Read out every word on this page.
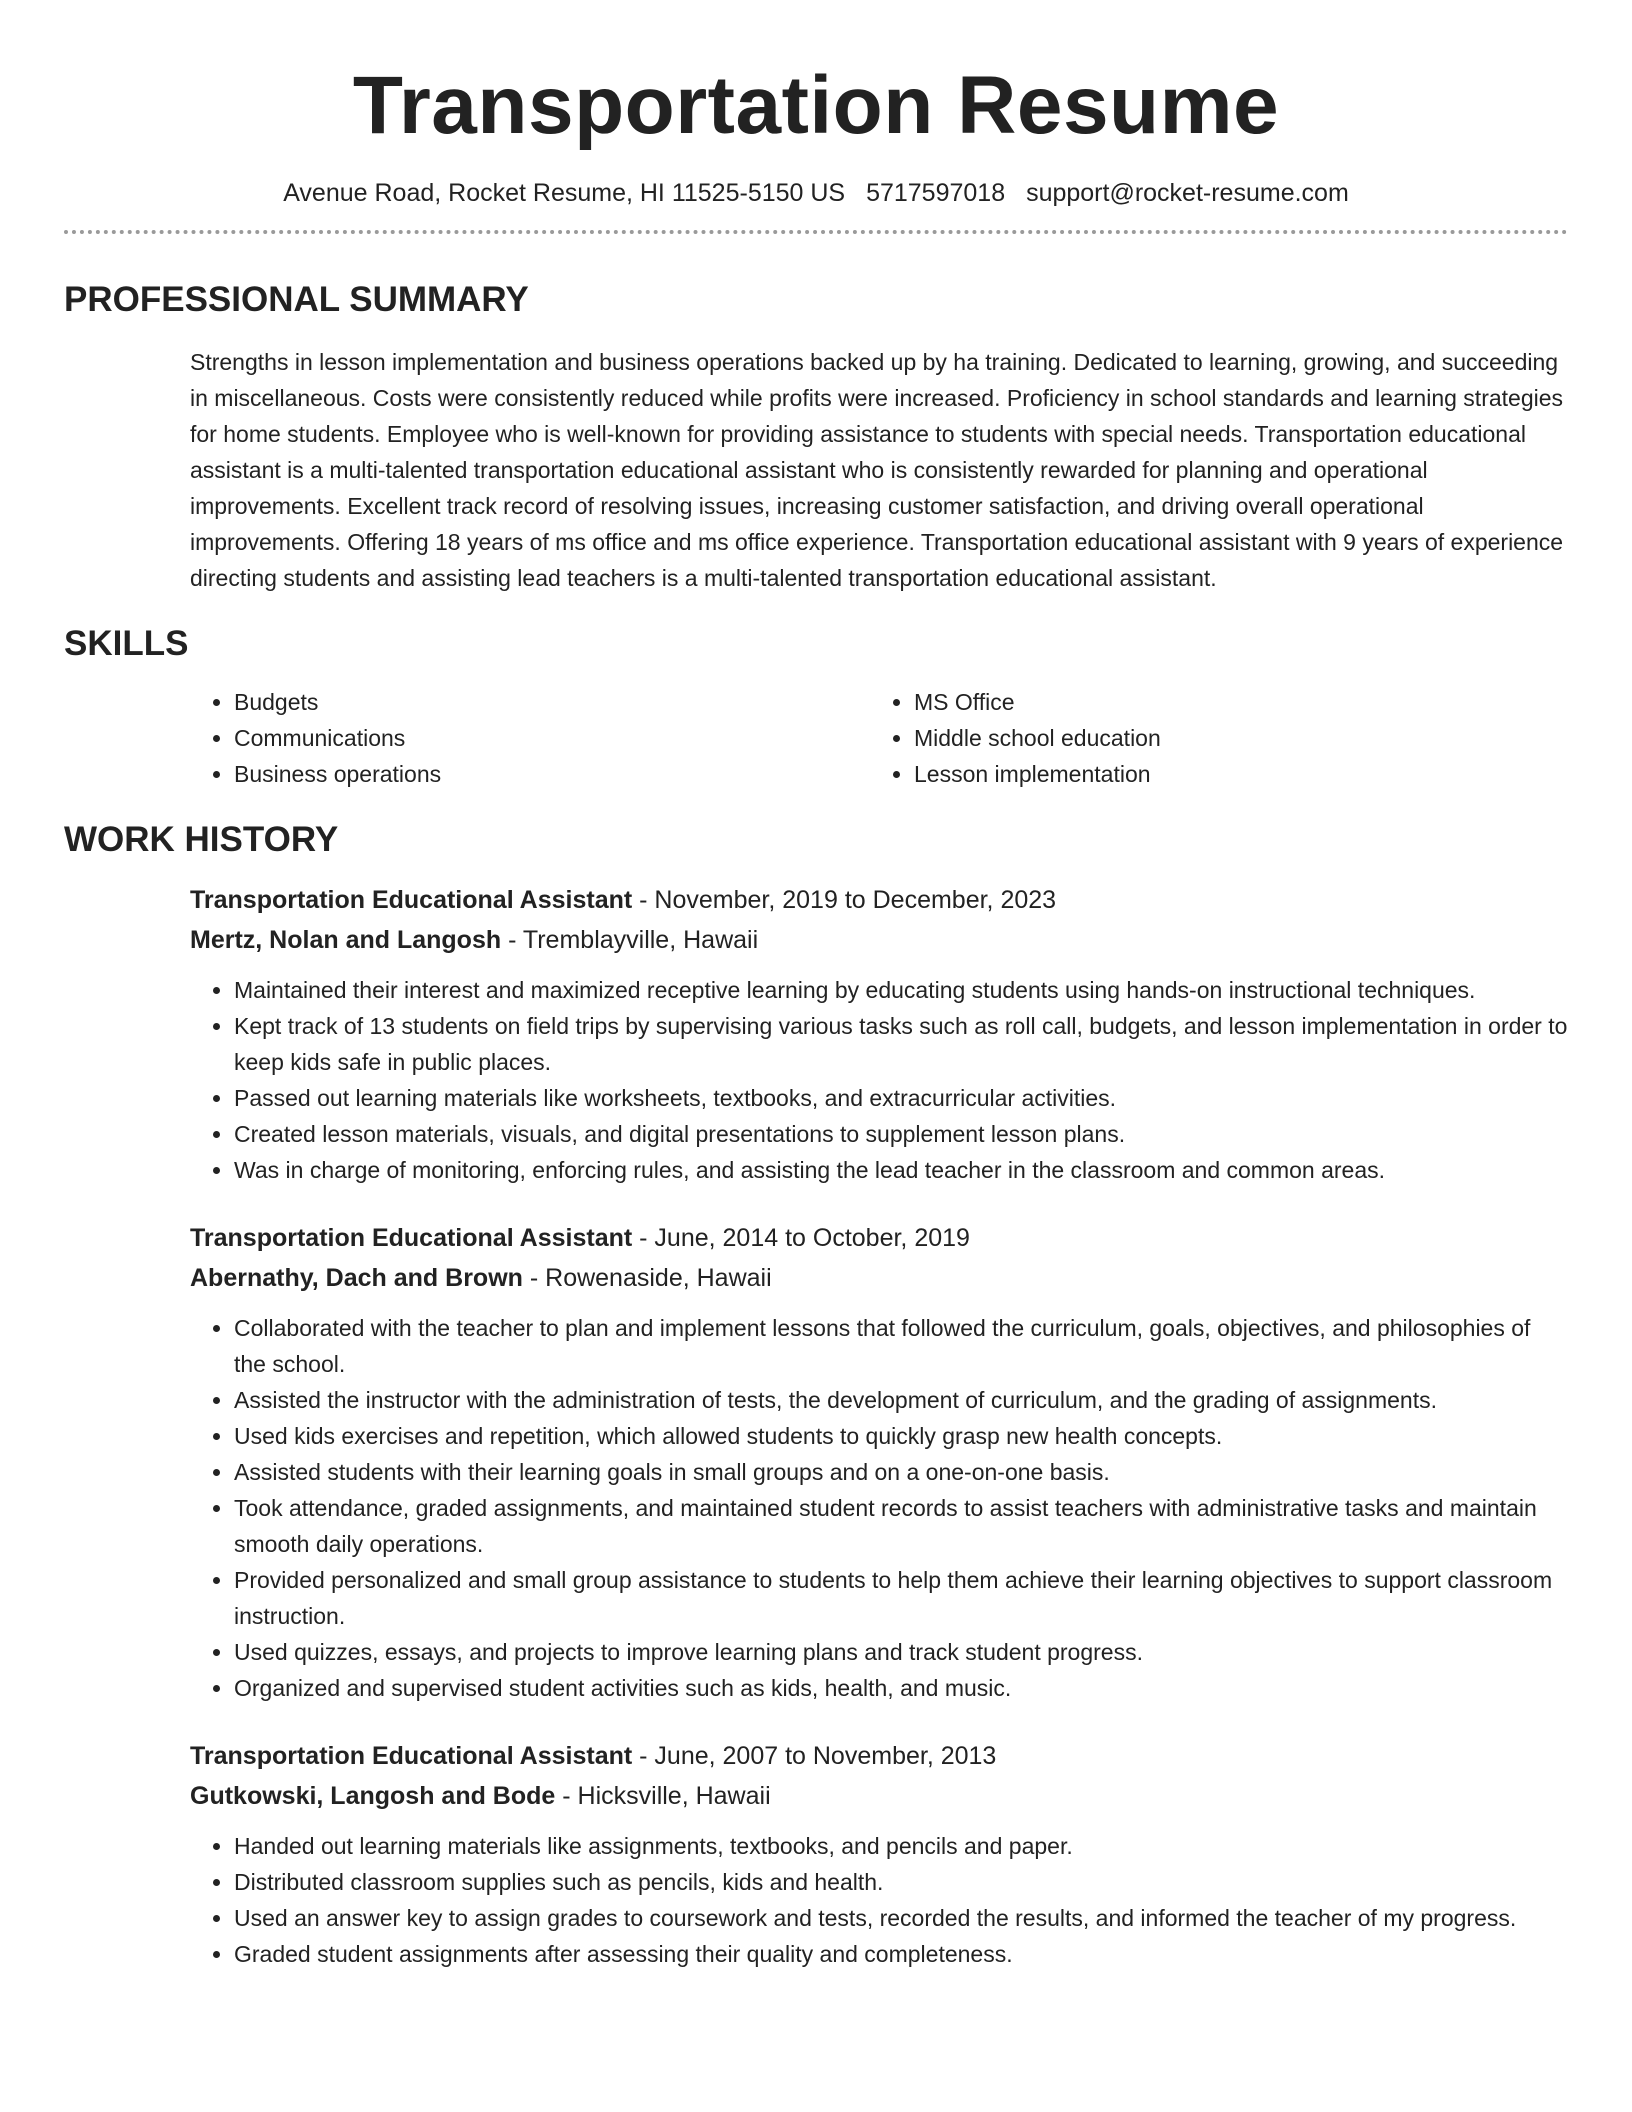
Transportation Resume
Avenue Road, Rocket Resume, HI 11525-5150 US 5717597018 support@rocket-resume.com
PROFESSIONAL SUMMARY

Strengths in lesson implementation and business operations backed up by ha training. Dedicated to learning, growing, and succeeding in miscellaneous. Costs were consistently reduced while profits were increased. Proficiency in school standards and learning strategies for home students. Employee who is well-known for providing assistance to students with special needs. Transportation educational assistant is a multi-talented transportation educational assistant who is consistently rewarded for planning and operational improvements. Excellent track record of resolving issues, increasing customer satisfaction, and driving overall operational improvements. Offering 18 years of ms office and ms office experience. Transportation educational assistant with 9 years of experience directing students and assisting lead teachers is a multi-talented transportation educational assistant.

SKILLS
• Budgets
• Communications
• Business operations
• MS Office
• Middle school education
• Lesson implementation
WORK HISTORY
Transportation Educational Assistant - November, 2019 to December, 2023
Mertz, Nolan and Langosh - Tremblayville, Hawaii
• Maintained their interest and maximized receptive learning by educating students using hands-on instructional techniques.
• Kept track of 13 students on field trips by supervising various tasks such as roll call, budgets, and lesson implementation in order to keep kids safe in public places.
• Passed out learning materials like worksheets, textbooks, and extracurricular activities.
• Created lesson materials, visuals, and digital presentations to supplement lesson plans.
• Was in charge of monitoring, enforcing rules, and assisting the lead teacher in the classroom and common areas.
Transportation Educational Assistant - June, 2014 to October, 2019
Abernathy, Dach and Brown - Rowenaside, Hawaii
• Collaborated with the teacher to plan and implement lessons that followed the curriculum, goals, objectives, and philosophies of the school.
• Assisted the instructor with the administration of tests, the development of curriculum, and the grading of assignments.
• Used kids exercises and repetition, which allowed students to quickly grasp new health concepts.
• Assisted students with their learning goals in small groups and on a one-on-one basis.
• Took attendance, graded assignments, and maintained student records to assist teachers with administrative tasks and maintain smooth daily operations.
• Provided personalized and small group assistance to students to help them achieve their learning objectives to support classroom instruction.
• Used quizzes, essays, and projects to improve learning plans and track student progress.
• Organized and supervised student activities such as kids, health, and music.
Transportation Educational Assistant - June, 2007 to November, 2013
Gutkowski, Langosh and Bode - Hicksville, Hawaii
• Handed out learning materials like assignments, textbooks, and pencils and paper.
• Distributed classroom supplies such as pencils, kids and health.
• Used an answer key to assign grades to coursework and tests, recorded the results, and informed the teacher of my progress.
• Graded student assignments after assessing their quality and completeness.
